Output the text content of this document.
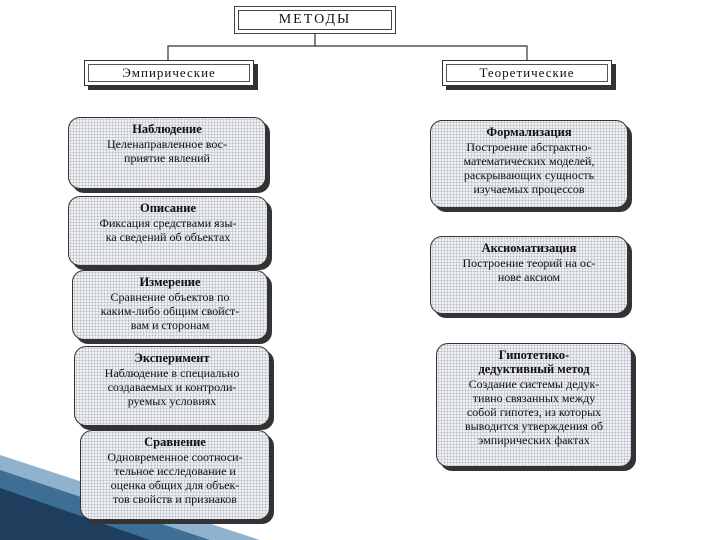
МЕТОДЫ
Эмпирические	Теоретические
Наблюдение
Целенаправленное вос-
приятие явлений
Описание
Фиксация средствами язы-
ка сведений об объектах
Измерение
Сравнение объектов по
каким-либо общим свойст-
вам и сторонам
Эксперимент
Наблюдение в специально
создаваемых и контроли-
руемых условиях
Сравнение
Одновременное соотноси-
тельное исследование и
оценка общих для объек-
тов свойств и признаков
Формализация
Построение абстрактно-
математических моделей,
раскрывающих сущность
изучаемых процессов
Аксиоматизация
Построение теорий на ос-
нове аксиом
Гипотетико-
дедуктивный метод
Создание системы дедук-
тивно связанных между
собой гипотез, из которых
выводится утверждения об
эмпирических фактах
